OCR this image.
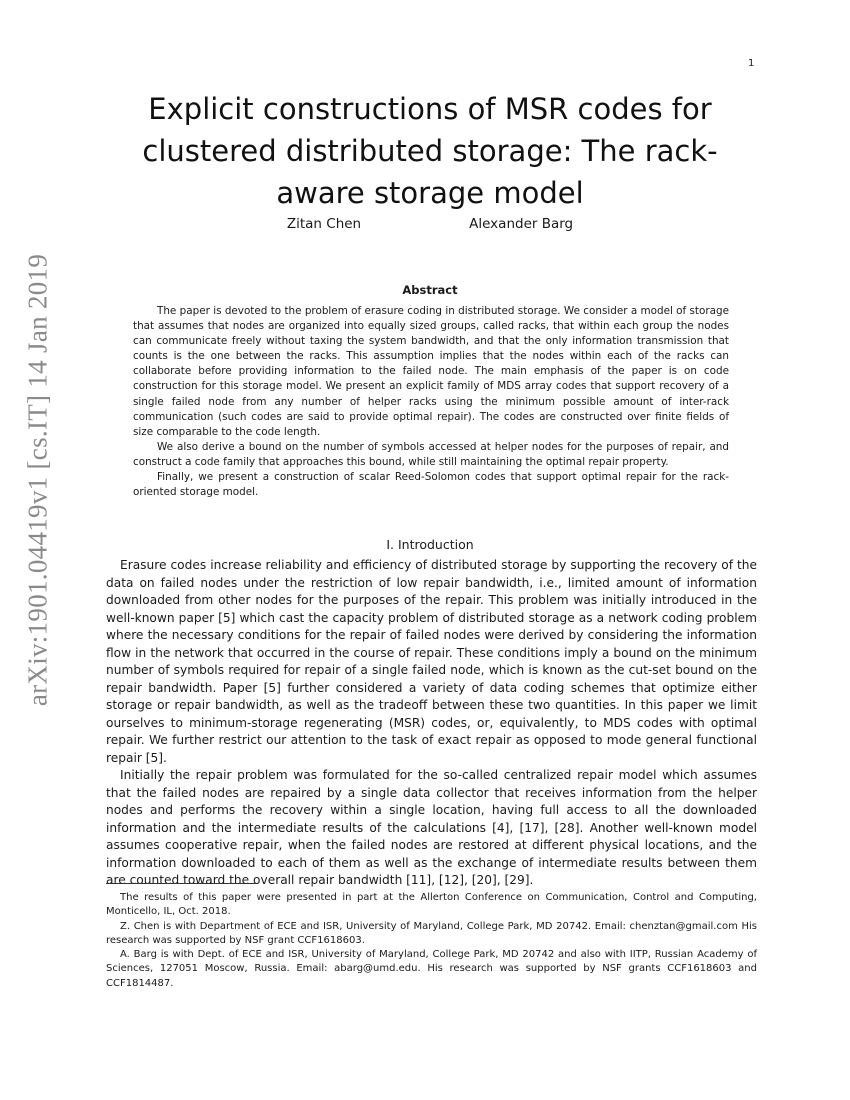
1
arXiv:1901.04419v1 [cs.IT] 14 Jan 2019
Explicit constructions of MSR codes for clustered distributed storage: The rack-aware storage model
Zitan Chen	Alexander Barg
Abstract

The paper is devoted to the problem of erasure coding in distributed storage. We consider a model of storage that assumes that nodes are organized into equally sized groups, called racks, that within each group the nodes can communicate freely without taxing the system bandwidth, and that the only information transmission that counts is the one between the racks. This assumption implies that the nodes within each of the racks can collaborate before providing information to the failed node. The main emphasis of the paper is on code construction for this storage model. We present an explicit family of MDS array codes that support recovery of a single failed node from any number of helper racks using the minimum possible amount of inter-rack communication (such codes are said to provide optimal repair). The codes are constructed over finite fields of size comparable to the code length.

We also derive a bound on the number of symbols accessed at helper nodes for the purposes of repair, and construct a code family that approaches this bound, while still maintaining the optimal repair property.

Finally, we present a construction of scalar Reed-Solomon codes that support optimal repair for the rack-oriented storage model.

I. Introduction

Erasure codes increase reliability and efficiency of distributed storage by supporting the recovery of the data on failed nodes under the restriction of low repair bandwidth, i.e., limited amount of information downloaded from other nodes for the purposes of the repair. This problem was initially introduced in the well-known paper [5] which cast the capacity problem of distributed storage as a network coding problem where the necessary conditions for the repair of failed nodes were derived by considering the information flow in the network that occurred in the course of repair. These conditions imply a bound on the minimum number of symbols required for repair of a single failed node, which is known as the cut-set bound on the repair bandwidth. Paper [5] further considered a variety of data coding schemes that optimize either storage or repair bandwidth, as well as the tradeoff between these two quantities. In this paper we limit ourselves to minimum-storage regenerating (MSR) codes, or, equivalently, to MDS codes with optimal repair. We further restrict our attention to the task of exact repair as opposed to mode general functional repair [5].

Initially the repair problem was formulated for the so-called centralized repair model which assumes that the failed nodes are repaired by a single data collector that receives information from the helper nodes and performs the recovery within a single location, having full access to all the downloaded information and the intermediate results of the calculations [4], [17], [28]. Another well-known model assumes cooperative repair, when the failed nodes are restored at different physical locations, and the information downloaded to each of them as well as the exchange of intermediate results between them are counted toward the overall repair bandwidth [11], [12], [20], [29].

The results of this paper were presented in part at the Allerton Conference on Communication, Control and Computing, Monticello, IL, Oct. 2018.

Z. Chen is with Department of ECE and ISR, University of Maryland, College Park, MD 20742. Email: chenztan@gmail.com His research was supported by NSF grant CCF1618603.

A. Barg is with Dept. of ECE and ISR, University of Maryland, College Park, MD 20742 and also with IITP, Russian Academy of Sciences, 127051 Moscow, Russia. Email: abarg@umd.edu. His research was supported by NSF grants CCF1618603 and CCF1814487.
